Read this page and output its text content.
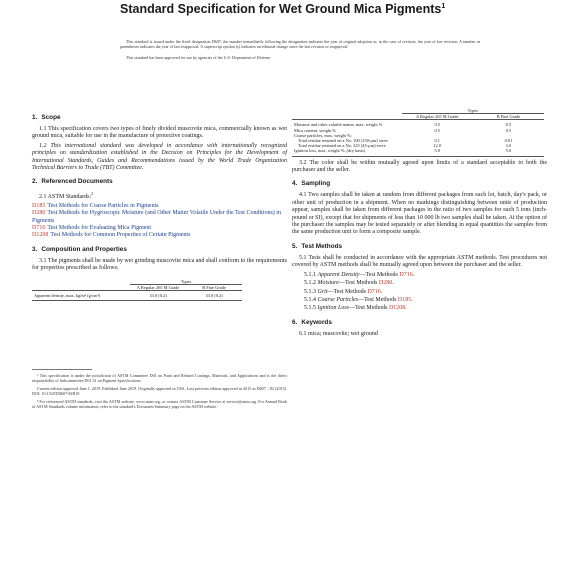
Standard Specification for Wet Ground Mica Pigments$^1$

This standard is issued under the fixed designation D607; the number immediately following the designation indicates the year of original adoption or, in the case of revision, the year of last revision. A number in parentheses indicates the year of last reapproval. A superscript epsilon (ε) indicates an editorial change since the last revision or reapproval.

This standard has been approved for use by agencies of the U.S. Department of Defense.

1. Scope

1.1 This specification covers two types of finely divided muscovite mica, commercially known as wet ground mica, suitable for use in the manufacture of protective coatings.

1.2 This international standard was developed in accordance with internationally recognized principles on standardization established in the Decision on Principles for the Development of International Standards, Guides and Recommendations issued by the World Trade Organization Technical Barriers to Trade (TBT) Committee.

2. Referenced Documents

2.1 ASTM Standards:$^2$

D185 Test Methods for Coarse Particles in Pigments
D280 Test Methods for Hygroscopic Moisture (and Other Matter Volatile Under the Test Conditions) in Pigments
D716 Test Methods for Evaluating Mica Pigment
D1208 Test Methods for Common Properties of Certain Pigments
3. Composition and Properties

3.1 The pigments shall be made by wet grinding muscovite mica and shall conform to the requirements for properties prescribed as follows:

	Types	
	A Regular 265 M Grade	B Fine Grade
Apparent density, max, kg/m³ (g/cm³)	33.0 (0.2)	33.0 (0.2)

¹ This specification is under the jurisdiction of ASTM Committee D01 on Paint and Related Coatings, Materials, and Applications and is the direct responsibility of Subcommittee D01.31 on Pigment Specifications.

Current edition approved June 1, 2019. Published June 2019. Originally approved in 1941. Last previous edition approved in 2015 as D607 – 82 (2015). DOI: 10.1520/D0607-82R19.

² For referenced ASTM standards, visit the ASTM website, www.astm.org, or contact ASTM Customer Service at service@astm.org. For Annual Book of ASTM Standards volume information, refer to the standard's Document Summary page on the ASTM website.

	Types	
	A Regular 265 M Grade	B Fine Grade
Moisture and other volatile matter, max, weight %	0.5	0.5
Mica content, weight %	0.5	0.5
Coarse particles, max, weight %:		
Total residue retained on a No. 100 (150-µm) sieve	0.1	0.01
Total residue retained on a No. 325 (45-µm) sieve	12.0	3.0
Ignition loss, max, weight %, (dry basis)	5.0	5.0

3.2 The color shall be within mutually agreed upon limits of a standard acceptable to both the purchaser and the seller.

4. Sampling

4.1 Two samples shall be taken at random from different packages from each lot, batch, day's pack, or other unit of production in a shipment. When no markings distinguishing between units of production appear, samples shall be taken from different packages in the ratio of two samples for each 5 tons (inch-pound or SI), except that for shipments of less than 10 000 lb two samples shall be taken. At the option of the purchaser the samples may be tested separately or after blending in equal quantities the samples from the same production unit to form a composite sample.

5. Test Methods

5.1 Tests shall be conducted in accordance with the appropriate ASTM methods. Test procedures not covered by ASTM methods shall be mutually agreed upon between the purchaser and the seller.

5.1.1 Apparent Density—Test Methods D716.
5.1.2 Moisture—Test Methods D280.
5.1.3 Grit—Test Methods D716.
5.1.4 Coarse Particles—Test Methods D185.
5.1.5 Ignition Loss—Test Methods D1208.
6. Keywords

6.1 mica; muscovite; wet ground
